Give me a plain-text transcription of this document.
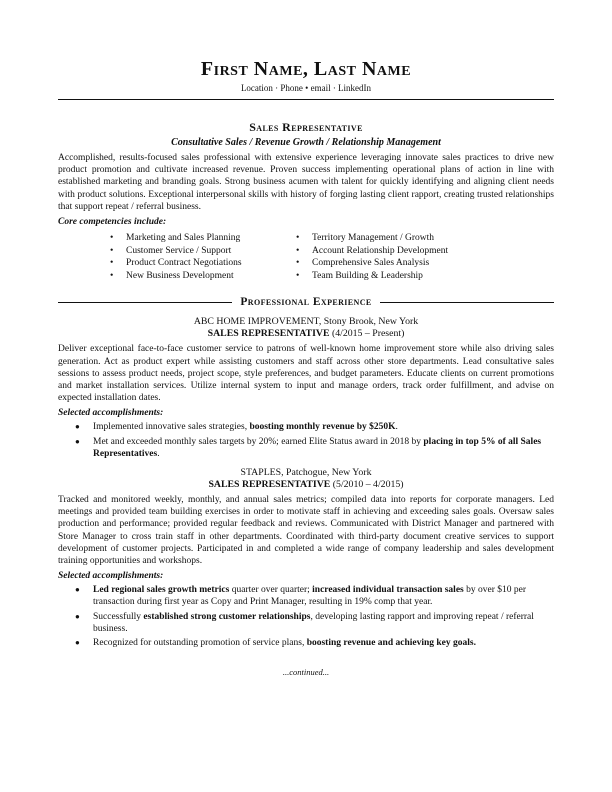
First Name, Last Name
Location · Phone • email · LinkedIn
Sales Representative
Consultative Sales / Revenue Growth / Relationship Management
Accomplished, results-focused sales professional with extensive experience leveraging innovate sales practices to drive new product promotion and cultivate increased revenue. Proven success implementing operational plans of action in line with established marketing and branding goals. Strong business acumen with talent for quickly identifying and aligning client needs with product solutions. Exceptional interpersonal skills with history of forging lasting client rapport, creating trusted relationships that support repeat / referral business.
Core competencies include:
• Marketing and Sales Planning	• Territory Management / Growth
• Customer Service / Support	• Account Relationship Development
• Product Contract Negotiations	• Comprehensive Sales Analysis
• New Business Development	• Team Building & Leadership
Professional Experience
ABC HOME IMPROVEMENT, Stony Brook, New York
SALES REPRESENTATIVE (4/2015 – Present)
Deliver exceptional face-to-face customer service to patrons of well-known home improvement store while also driving sales generation. Act as product expert while assisting customers and staff across other store departments. Lead consultative sales sessions to assess product needs, project scope, style preferences, and budget parameters. Educate clients on current promotions and market installation services. Utilize internal system to input and manage orders, track order fulfillment, and advise on expected installation dates.
Selected accomplishments:
● Implemented innovative sales strategies, boosting monthly revenue by $250K.
● Met and exceeded monthly sales targets by 20%; earned Elite Status award in 2018 by placing in top 5% of all Sales Representatives.
STAPLES, Patchogue, New York
SALES REPRESENTATIVE (5/2010 – 4/2015)
Tracked and monitored weekly, monthly, and annual sales metrics; compiled data into reports for corporate managers. Led meetings and provided team building exercises in order to motivate staff in achieving and exceeding sales goals. Oversaw sales production and performance; provided regular feedback and reviews. Communicated with District Manager and partnered with Store Manager to cross train staff in other departments. Coordinated with third-party document creative services to support development of customer projects. Participated in and completed a wide range of company leadership and sales development training opportunities and workshops.
Selected accomplishments:
● Led regional sales growth metrics quarter over quarter; increased individual transaction sales by over $10 per transaction during first year as Copy and Print Manager, resulting in 19% comp that year.
● Successfully established strong customer relationships, developing lasting rapport and improving repeat / referral business.
● Recognized for outstanding promotion of service plans, boosting revenue and achieving key goals.
...continued...
